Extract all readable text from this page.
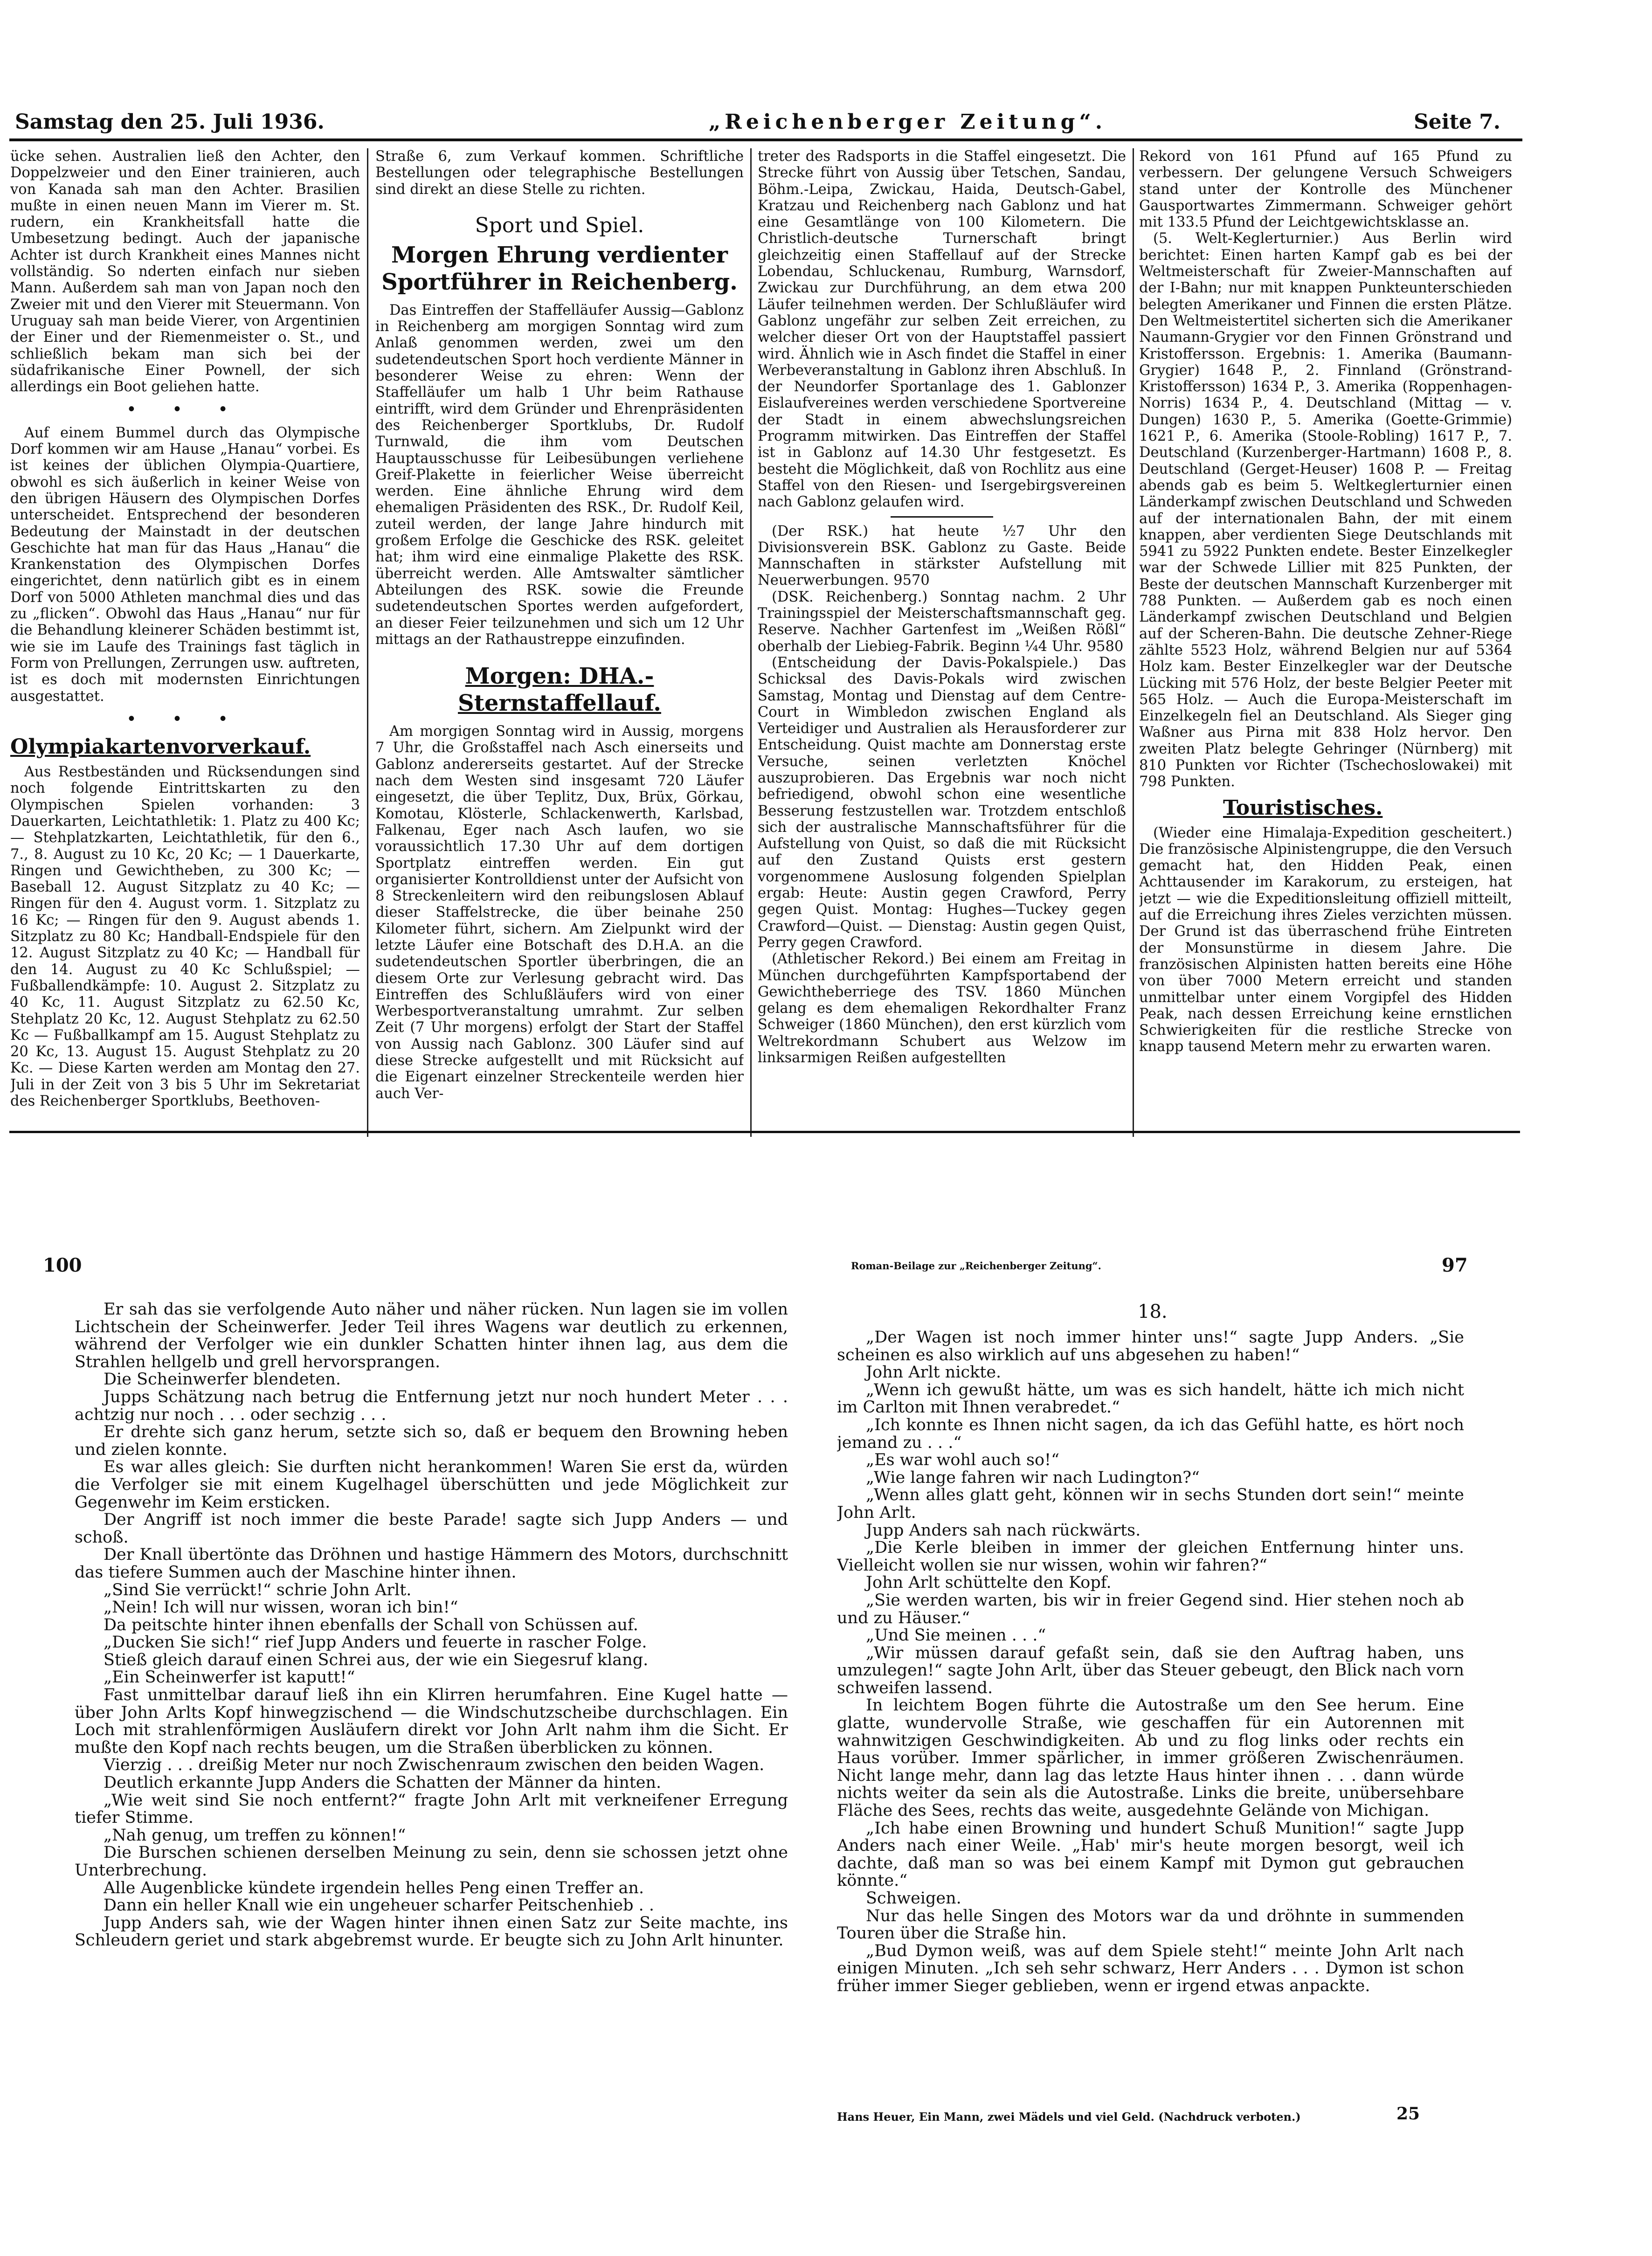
Samstag den 25. Juli 1936.	„Reichenberger Zeitung“.	Seite 7.

ücke sehen. Australien ließ den Achter, den Doppelzweier und den Einer trainieren, auch von Kanada sah man den Achter. Brasilien mußte in einen neuen Mann im Vierer m. St. rudern, ein Krankheitsfall hatte die Umbesetzung bedingt. Auch der japanische Achter ist durch Krankheit eines Mannes nicht vollständig. So nderten einfach nur sieben Mann. Außerdem sah man von Japan noch den Zweier mit und den Vierer mit Steuermann. Von Uruguay sah man beide Vierer, von Argentinien der Einer und der Riemenmeister o. St., und schließlich bekam man sich bei der südafrikanische Einer Pownell, der sich allerdings ein Boot geliehen hatte.

• • •

Auf einem Bummel durch das Olympische Dorf kommen wir am Hause „Hanau“ vorbei. Es ist keines der üblichen Olympia-Quartiere, obwohl es sich äußerlich in keiner Weise von den übrigen Häusern des Olympischen Dorfes unterscheidet. Entsprechend der besonderen Bedeutung der Mainstadt in der deutschen Geschichte hat man für das Haus „Hanau“ die Krankenstation des Olympischen Dorfes eingerichtet, denn natürlich gibt es in einem Dorf von 5000 Athleten manchmal dies und das zu „flicken“. Obwohl das Haus „Hanau“ nur für die Behandlung kleinerer Schäden bestimmt ist, wie sie im Laufe des Trainings fast täglich in Form von Prellungen, Zerrungen usw. auftreten, ist es doch mit modernsten Einrichtungen ausgestattet.

• • •

Olympiakartenvorverkauf.

Aus Restbeständen und Rücksendungen sind noch folgende Eintrittskarten zu den Olympischen Spielen vorhanden: 3 Dauerkarten, Leichtathletik: 1. Platz zu 400 Kc; — Stehplatzkarten, Leichtathletik, für den 6., 7., 8. August zu 10 Kc, 20 Kc; — 1 Dauerkarte, Ringen und Gewichtheben, zu 300 Kc; — Baseball 12. August Sitzplatz zu 40 Kc; — Ringen für den 4. August vorm. 1. Sitzplatz zu 16 Kc; — Ringen für den 9. August abends 1. Sitzplatz zu 80 Kc; Handball-Endspiele für den 12. August Sitzplatz zu 40 Kc; — Handball für den 14. August zu 40 Kc Schlußspiel; — Fußballendkämpfe: 10. August 2. Sitzplatz zu 40 Kc, 11. August Sitzplatz zu 62.50 Kc, Stehplatz 20 Kc, 12. August Stehplatz zu 62.50 Kc — Fußballkampf am 15. August Stehplatz zu 20 Kc, 13. August 15. August Stehplatz zu 20 Kc. — Diese Karten werden am Montag den 27. Juli in der Zeit von 3 bis 5 Uhr im Sekretariat des Reichenberger Sportklubs, Beethoven-

Straße 6, zum Verkauf kommen. Schriftliche Bestellungen oder telegraphische Bestellungen sind direkt an diese Stelle zu richten.

Sport und Spiel.
Morgen Ehrung verdienter Sportführer in Reichenberg.

Das Eintreffen der Staffelläufer Aussig—Gablonz in Reichenberg am morgigen Sonntag wird zum Anlaß genommen werden, zwei um den sudetendeutschen Sport hoch verdiente Männer in besonderer Weise zu ehren: Wenn der Staffelläufer um halb 1 Uhr beim Rathause eintrifft, wird dem Gründer und Ehrenpräsidenten des Reichenberger Sportklubs, Dr. Rudolf Turnwald, die ihm vom Deutschen Hauptausschusse für Leibesübungen verliehene Greif-Plakette in feierlicher Weise überreicht werden. Eine ähnliche Ehrung wird dem ehemaligen Präsidenten des RSK., Dr. Rudolf Keil, zuteil werden, der lange Jahre hindurch mit großem Erfolge die Geschicke des RSK. geleitet hat; ihm wird eine einmalige Plakette des RSK. überreicht werden. Alle Amtswalter sämtlicher Abteilungen des RSK. sowie die Freunde sudetendeutschen Sportes werden aufgefordert, an dieser Feier teilzunehmen und sich um 12 Uhr mittags an der Rathaustreppe einzufinden.

Morgen: DHA.-Sternstaffellauf.

Am morgigen Sonntag wird in Aussig, morgens 7 Uhr, die Großstaffel nach Asch einerseits und Gablonz andererseits gestartet. Auf der Strecke nach dem Westen sind insgesamt 720 Läufer eingesetzt, die über Teplitz, Dux, Brüx, Görkau, Komotau, Klösterle, Schlackenwerth, Karlsbad, Falkenau, Eger nach Asch laufen, wo sie voraussichtlich 17.30 Uhr auf dem dortigen Sportplatz eintreffen werden. Ein gut organisierter Kontrolldienst unter der Aufsicht von 8 Streckenleitern wird den reibungslosen Ablauf dieser Staffelstrecke, die über beinahe 250 Kilometer führt, sichern. Am Zielpunkt wird der letzte Läufer eine Botschaft des D.H.A. an die sudetendeutschen Sportler überbringen, die an diesem Orte zur Verlesung gebracht wird. Das Eintreffen des Schlußläufers wird von einer Werbesportveranstaltung umrahmt. Zur selben Zeit (7 Uhr morgens) erfolgt der Start der Staffel von Aussig nach Gablonz. 300 Läufer sind auf diese Strecke aufgestellt und mit Rücksicht auf die Eigenart einzelner Streckenteile werden hier auch Ver-

treter des Radsports in die Staffel eingesetzt. Die Strecke führt von Aussig über Tetschen, Sandau, Böhm.-Leipa, Zwickau, Haida, Deutsch-Gabel, Kratzau und Reichenberg nach Gablonz und hat eine Gesamtlänge von 100 Kilometern. Die Christlich-deutsche Turnerschaft bringt gleichzeitig einen Staffellauf auf der Strecke Lobendau, Schluckenau, Rumburg, Warnsdorf, Zwickau zur Durchführung, an dem etwa 200 Läufer teilnehmen werden. Der Schlußläufer wird Gablonz ungefähr zur selben Zeit erreichen, zu welcher dieser Ort von der Hauptstaffel passiert wird. Ähnlich wie in Asch findet die Staffel in einer Werbeveranstaltung in Gablonz ihren Abschluß. In der Neundorfer Sportanlage des 1. Gablonzer Eislaufvereines werden verschiedene Sportvereine der Stadt in einem abwechslungsreichen Programm mitwirken. Das Eintreffen der Staffel ist in Gablonz auf 14.30 Uhr festgesetzt. Es besteht die Möglichkeit, daß von Rochlitz aus eine Staffel von den Riesen- und Isergebirgsvereinen nach Gablonz gelaufen wird.

(Der RSK.) hat heute ½7 Uhr den Divisionsverein BSK. Gablonz zu Gaste. Beide Mannschaften in stärkster Aufstellung mit Neuerwerbungen. 9570

(DSK. Reichenberg.) Sonntag nachm. 2 Uhr Trainingsspiel der Meisterschaftsmannschaft geg. Reserve. Nachher Gartenfest im „Weißen Rößl“ oberhalb der Liebieg-Fabrik. Beginn ¼4 Uhr. 9580

(Entscheidung der Davis-Pokalspiele.) Das Schicksal des Davis-Pokals wird zwischen Samstag, Montag und Dienstag auf dem Centre-Court in Wimbledon zwischen England als Verteidiger und Australien als Herausforderer zur Entscheidung. Quist machte am Donnerstag erste Versuche, seinen verletzten Knöchel auszuprobieren. Das Ergebnis war noch nicht befriedigend, obwohl schon eine wesentliche Besserung festzustellen war. Trotzdem entschloß sich der australische Mannschaftsführer für die Aufstellung von Quist, so daß die mit Rücksicht auf den Zustand Quists erst gestern vorgenommene Auslosung folgenden Spielplan ergab: Heute: Austin gegen Crawford, Perry gegen Quist. Montag: Hughes—Tuckey gegen Crawford—Quist. — Dienstag: Austin gegen Quist, Perry gegen Crawford.

(Athletischer Rekord.) Bei einem am Freitag in München durchgeführten Kampfsportabend der Gewichtheberriege des TSV. 1860 München gelang es dem ehemaligen Rekordhalter Franz Schweiger (1860 München), den erst kürzlich vom Weltrekordmann Schubert aus Welzow im linksarmigen Reißen aufgestellten

Rekord von 161 Pfund auf 165 Pfund zu verbessern. Der gelungene Versuch Schweigers stand unter der Kontrolle des Münchener Gausportwartes Zimmermann. Schweiger gehört mit 133.5 Pfund der Leichtgewichtsklasse an.

(5. Welt-Keglerturnier.) Aus Berlin wird berichtet: Einen harten Kampf gab es bei der Weltmeisterschaft für Zweier-Mannschaften auf der I-Bahn; nur mit knappen Punkteunterschieden belegten Amerikaner und Finnen die ersten Plätze. Den Weltmeistertitel sicherten sich die Amerikaner Naumann-Grygier vor den Finnen Grönstrand und Kristoffersson. Ergebnis: 1. Amerika (Baumann-Grygier) 1648 P., 2. Finnland (Grönstrand-Kristoffersson) 1634 P., 3. Amerika (Roppenhagen-Norris) 1634 P., 4. Deutschland (Mittag — v. Dungen) 1630 P., 5. Amerika (Goette-Grimmie) 1621 P., 6. Amerika (Stoole-Robling) 1617 P., 7. Deutschland (Kurzenberger-Hartmann) 1608 P., 8. Deutschland (Gerget-Heuser) 1608 P. — Freitag abends gab es beim 5. Weltkeglerturnier einen Länderkampf zwischen Deutschland und Schweden auf der internationalen Bahn, der mit einem knappen, aber verdienten Siege Deutschlands mit 5941 zu 5922 Punkten endete. Bester Einzelkegler war der Schwede Lillier mit 825 Punkten, der Beste der deutschen Mannschaft Kurzenberger mit 788 Punkten. — Außerdem gab es noch einen Länderkampf zwischen Deutschland und Belgien auf der Scheren-Bahn. Die deutsche Zehner-Riege zählte 5523 Holz, während Belgien nur auf 5364 Holz kam. Bester Einzelkegler war der Deutsche Lücking mit 576 Holz, der beste Belgier Peeter mit 565 Holz. — Auch die Europa-Meisterschaft im Einzelkegeln fiel an Deutschland. Als Sieger ging Waßner aus Pirna mit 838 Holz hervor. Den zweiten Platz belegte Gehringer (Nürnberg) mit 810 Punkten vor Richter (Tschechoslowakei) mit 798 Punkten.

Touristisches.

(Wieder eine Himalaja-Expedition gescheitert.) Die französische Alpinistengruppe, die den Versuch gemacht hat, den Hidden Peak, einen Achttausender im Karakorum, zu ersteigen, hat jetzt — wie die Expeditionsleitung offiziell mitteilt, auf die Erreichung ihres Zieles verzichten müssen. Der Grund ist das überraschend frühe Eintreten der Monsunstürme in diesem Jahre. Die französischen Alpinisten hatten bereits eine Höhe von über 7000 Metern erreicht und standen unmittelbar unter einem Vorgipfel des Hidden Peak, nach dessen Erreichung keine ernstlichen Schwierigkeiten für die restliche Strecke von knapp tausend Metern mehr zu erwarten waren.

100	Roman-Beilage zur „Reichenberger Zeitung“.	97

Er sah das sie verfolgende Auto näher und näher rücken. Nun lagen sie im vollen Lichtschein der Scheinwerfer. Jeder Teil ihres Wagens war deutlich zu erkennen, während der Verfolger wie ein dunkler Schatten hinter ihnen lag, aus dem die Strahlen hellgelb und grell hervorsprangen.

Die Scheinwerfer blendeten.

Jupps Schätzung nach betrug die Entfernung jetzt nur noch hundert Meter . . . achtzig nur noch . . . oder sechzig . . .

Er drehte sich ganz herum, setzte sich so, daß er bequem den Browning heben und zielen konnte.

Es war alles gleich: Sie durften nicht herankommen! Waren Sie erst da, würden die Verfolger sie mit einem Kugelhagel überschütten und jede Möglichkeit zur Gegenwehr im Keim ersticken.

Der Angriff ist noch immer die beste Parade! sagte sich Jupp Anders — und schoß.

Der Knall übertönte das Dröhnen und hastige Hämmern des Motors, durchschnitt das tiefere Summen auch der Maschine hinter ihnen.

„Sind Sie verrückt!“ schrie John Arlt.

„Nein! Ich will nur wissen, woran ich bin!“

Da peitschte hinter ihnen ebenfalls der Schall von Schüssen auf.

„Ducken Sie sich!“ rief Jupp Anders und feuerte in rascher Folge.

Stieß gleich darauf einen Schrei aus, der wie ein Siegesruf klang.

„Ein Scheinwerfer ist kaputt!“

Fast unmittelbar darauf ließ ihn ein Klirren herumfahren. Eine Kugel hatte — über John Arlts Kopf hinwegzischend — die Windschutzscheibe durchschlagen. Ein Loch mit strahlenförmigen Ausläufern direkt vor John Arlt nahm ihm die Sicht. Er mußte den Kopf nach rechts beugen, um die Straßen überblicken zu können.

Vierzig . . . dreißig Meter nur noch Zwischenraum zwischen den beiden Wagen.

Deutlich erkannte Jupp Anders die Schatten der Männer da hinten.

„Wie weit sind Sie noch entfernt?“ fragte John Arlt mit verkneifener Erregung tiefer Stimme.

„Nah genug, um treffen zu können!“

Die Burschen schienen derselben Meinung zu sein, denn sie schossen jetzt ohne Unterbrechung.

Alle Augenblicke kündete irgendein helles Peng einen Treffer an.

Dann ein heller Knall wie ein ungeheuer scharfer Peitschenhieb . .

Jupp Anders sah, wie der Wagen hinter ihnen einen Satz zur Seite machte, ins Schleudern geriet und stark abgebremst wurde. Er beugte sich zu John Arlt hinunter.

18.

„Der Wagen ist noch immer hinter uns!“ sagte Jupp Anders. „Sie scheinen es also wirklich auf uns abgesehen zu haben!“

John Arlt nickte.

„Wenn ich gewußt hätte, um was es sich handelt, hätte ich mich nicht im Carlton mit Ihnen verabredet.“

„Ich konnte es Ihnen nicht sagen, da ich das Gefühl hatte, es hört noch jemand zu . . .“

„Es war wohl auch so!“

„Wie lange fahren wir nach Ludington?“

„Wenn alles glatt geht, können wir in sechs Stunden dort sein!“ meinte John Arlt.

Jupp Anders sah nach rückwärts.

„Die Kerle bleiben in immer der gleichen Entfernung hinter uns. Vielleicht wollen sie nur wissen, wohin wir fahren?“

John Arlt schüttelte den Kopf.

„Sie werden warten, bis wir in freier Gegend sind. Hier stehen noch ab und zu Häuser.“

„Und Sie meinen . . .“

„Wir müssen darauf gefaßt sein, daß sie den Auftrag haben, uns umzulegen!“ sagte John Arlt, über das Steuer gebeugt, den Blick nach vorn schweifen lassend.

In leichtem Bogen führte die Autostraße um den See herum. Eine glatte, wundervolle Straße, wie geschaffen für ein Autorennen mit wahnwitzigen Geschwindigkeiten. Ab und zu flog links oder rechts ein Haus vorüber. Immer spärlicher, in immer größeren Zwischenräumen. Nicht lange mehr, dann lag das letzte Haus hinter ihnen . . . dann würde nichts weiter da sein als die Autostraße. Links die breite, unübersehbare Fläche des Sees, rechts das weite, ausgedehnte Gelände von Michigan.

„Ich habe einen Browning und hundert Schuß Munition!“ sagte Jupp Anders nach einer Weile. „Hab' mir's heute morgen besorgt, weil ich dachte, daß man so was bei einem Kampf mit Dymon gut gebrauchen könnte.“

Schweigen.

Nur das helle Singen des Motors war da und dröhnte in summenden Touren über die Straße hin.

„Bud Dymon weiß, was auf dem Spiele steht!“ meinte John Arlt nach einigen Minuten. „Ich seh sehr schwarz, Herr Anders . . . Dymon ist schon früher immer Sieger geblieben, wenn er irgend etwas anpackte.

Hans Heuer, Ein Mann, zwei Mädels und viel Geld. (Nachdruck verboten.)	25
